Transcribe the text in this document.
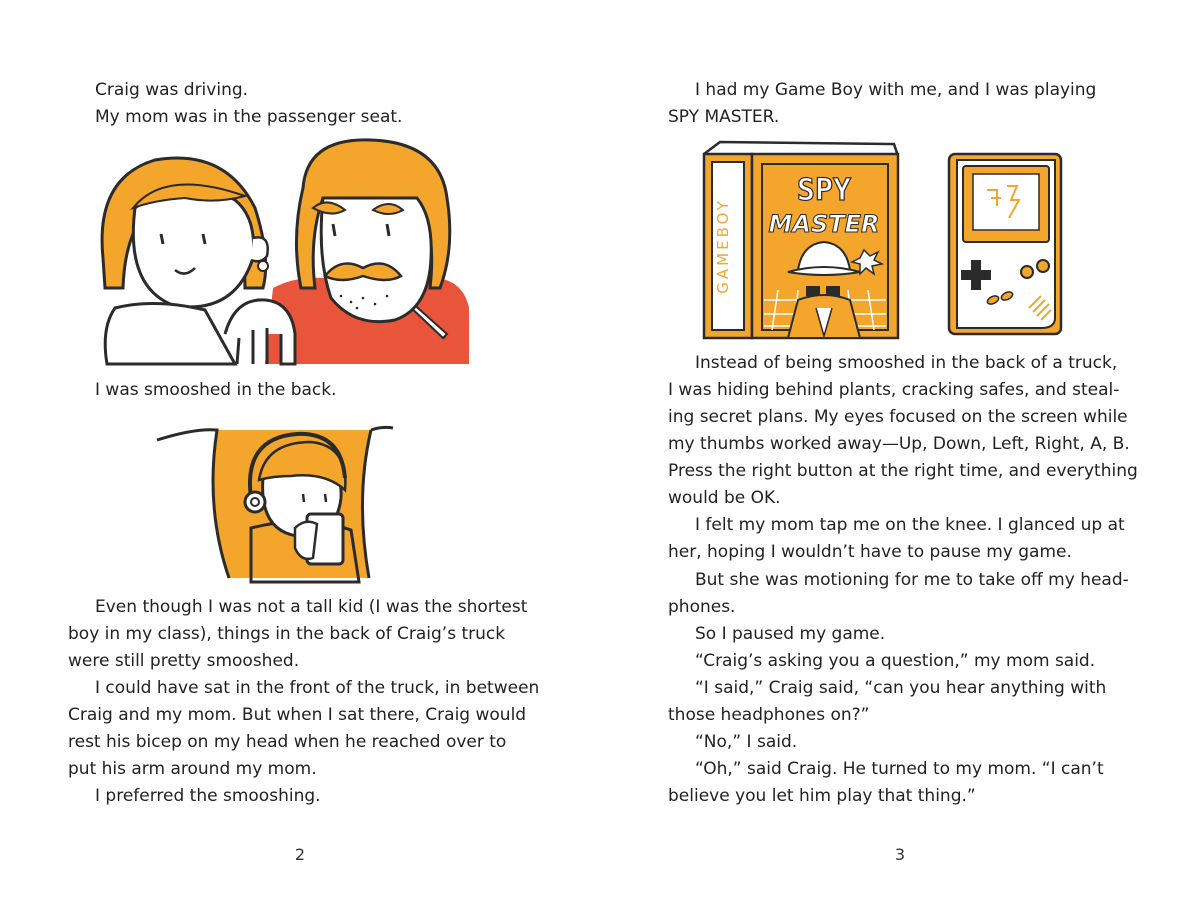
Craig was driving.

My mom was in the passenger seat.

I was smooshed in the back.

Even though I was not a tall kid (I was the shortest

boy in my class), things in the back of Craig’s truck

were still pretty smooshed.

I could have sat in the front of the truck, in between

Craig and my mom. But when I sat there, Craig would

rest his bicep on my head when he reached over to

put his arm around my mom.

I preferred the smooshing.

2

I had my Game Boy with me, and I was playing

SPY MASTER.

GAMEBOY
SPY
MASTER

Instead of being smooshed in the back of a truck,

I was hiding behind plants, cracking safes, and steal-

ing secret plans. My eyes focused on the screen while

my thumbs worked away—Up, Down, Left, Right, A, B.

Press the right button at the right time, and everything

would be OK.

I felt my mom tap me on the knee. I glanced up at

her, hoping I wouldn’t have to pause my game.

But she was motioning for me to take off my head-

phones.

So I paused my game.

“Craig’s asking you a question,” my mom said.

“I said,” Craig said, “can you hear anything with

those headphones on?”

“No,” I said.

“Oh,” said Craig. He turned to my mom. “I can’t

believe you let him play that thing.”

3
